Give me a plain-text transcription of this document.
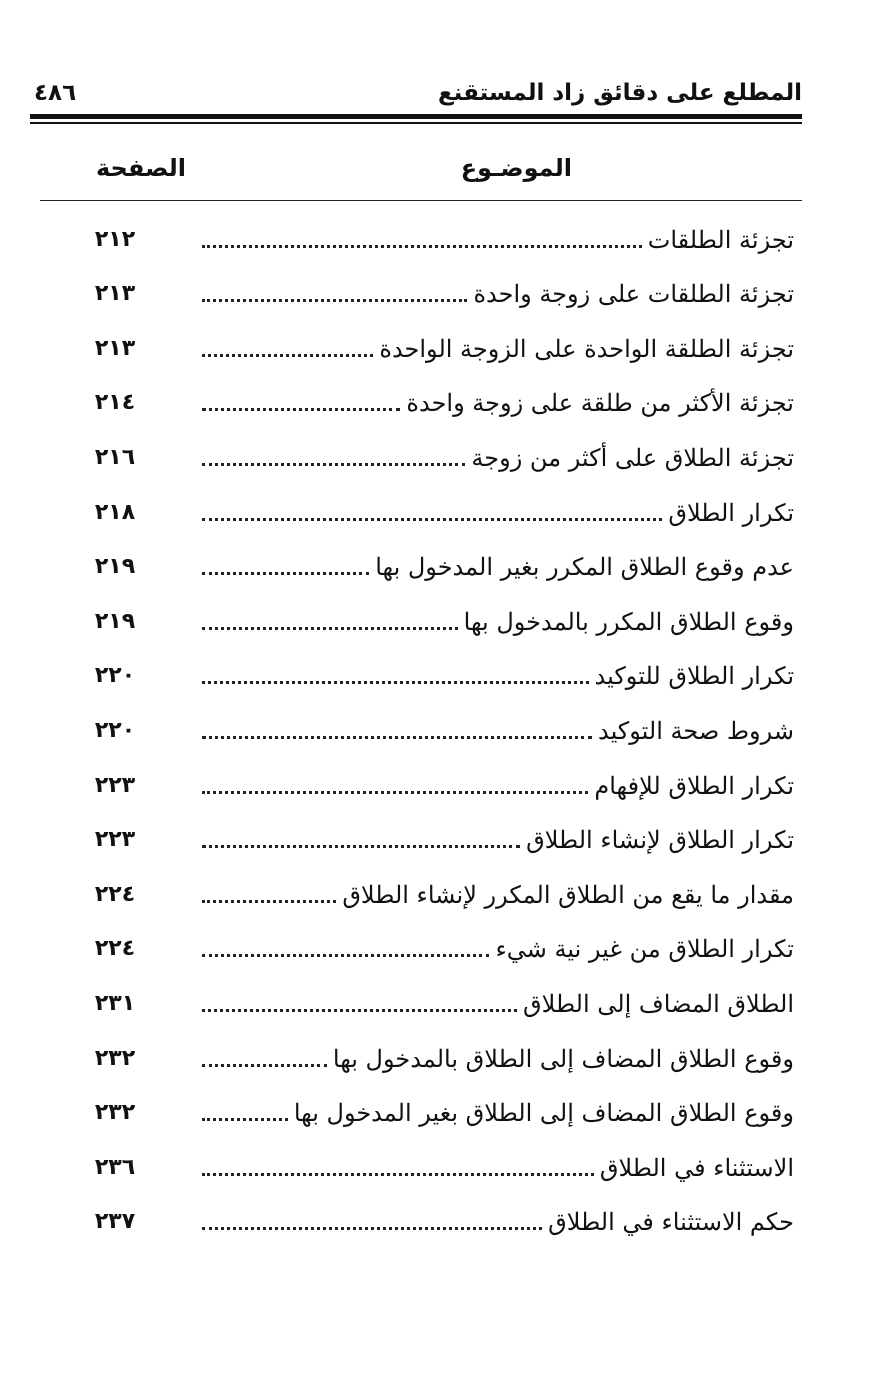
المطلع على دقائق زاد المستقنع
٤٨٦
الموضـوع
الصفحة
تجزئة الطلقات
٢١٢
تجزئة الطلقات على زوجة واحدة
٢١٣
تجزئة الطلقة الواحدة على الزوجة الواحدة
٢١٣
تجزئة الأكثر من طلقة على زوجة واحدة
٢١٤
تجزئة الطلاق على أكثر من زوجة
٢١٦
تكرار الطلاق
٢١٨
عدم وقوع الطلاق المكرر بغير المدخول بها
٢١٩
وقوع الطلاق المكرر بالمدخول بها
٢١٩
تكرار الطلاق للتوكيد
٢٢٠
شروط صحة التوكيد
٢٢٠
تكرار الطلاق للإفهام
٢٢٣
تكرار الطلاق لإنشاء الطلاق
٢٢٣
مقدار ما يقع من الطلاق المكرر لإنشاء الطلاق
٢٢٤
تكرار الطلاق من غير نية شيء
٢٢٤
الطلاق المضاف إلى الطلاق
٢٣١
وقوع الطلاق المضاف إلى الطلاق بالمدخول بها
٢٣٢
وقوع الطلاق المضاف إلى الطلاق بغير المدخول بها
٢٣٢
الاستثناء في الطلاق
٢٣٦
حكم الاستثناء في الطلاق
٢٣٧
